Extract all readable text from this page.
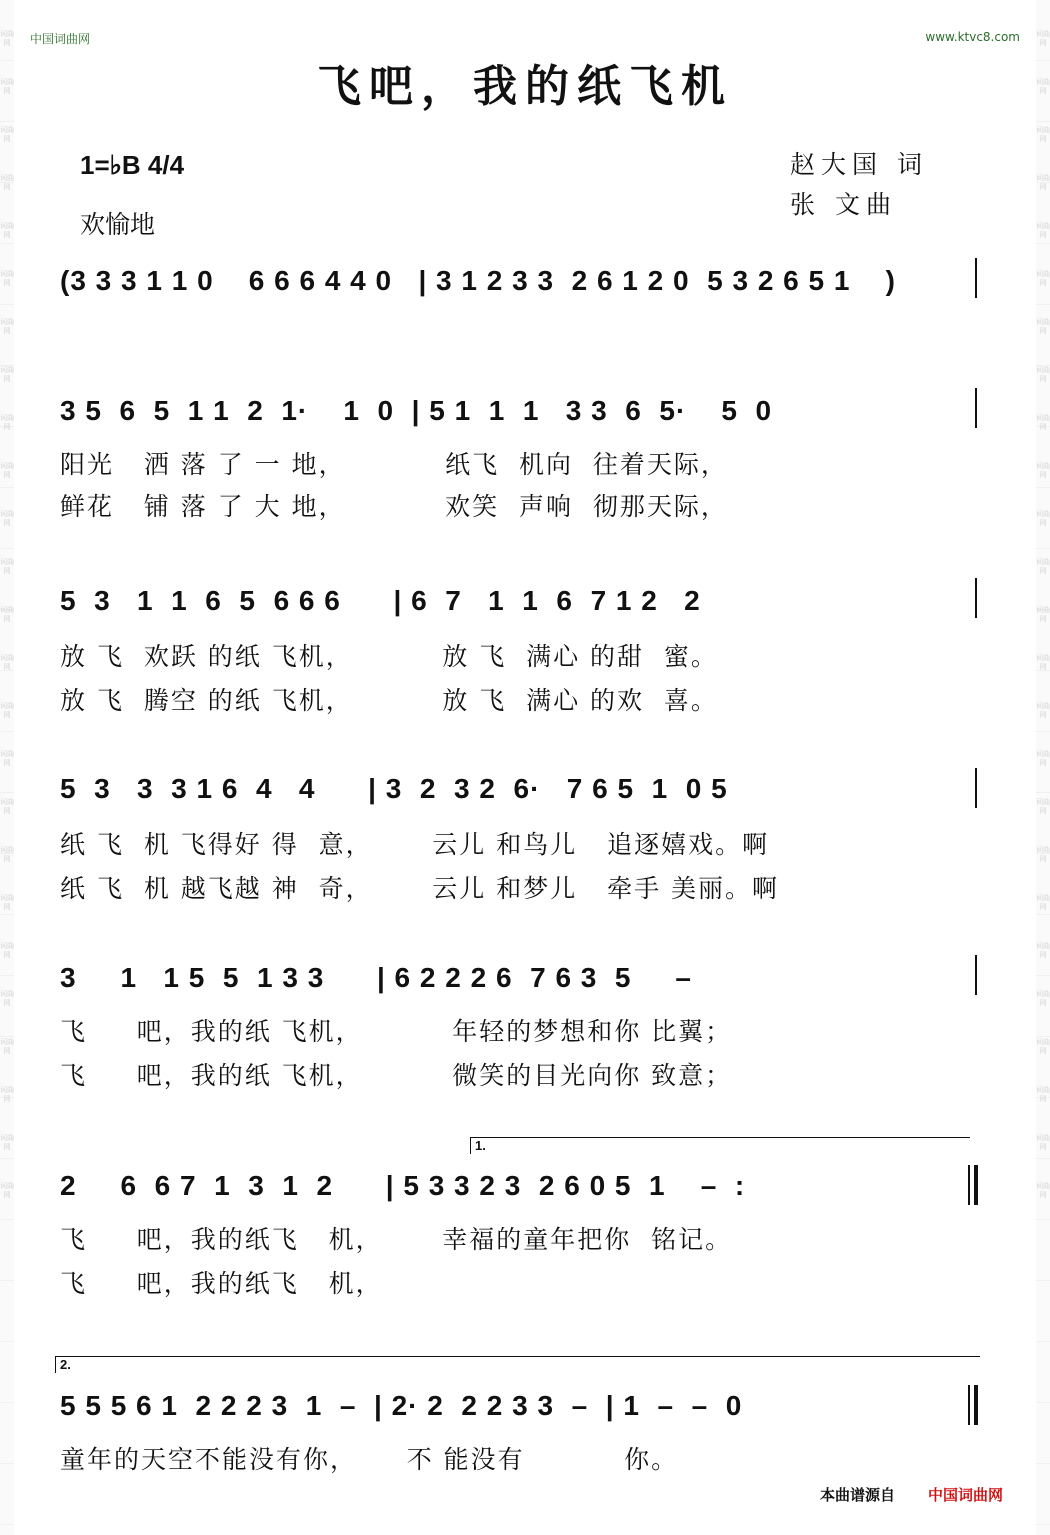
词曲网
词曲网
词曲网
词曲网
词曲网
词曲网
词曲网
词曲网
词曲网
词曲网
词曲网
词曲网
词曲网
词曲网
词曲网
词曲网
词曲网
词曲网
词曲网
词曲网
词曲网
词曲网
词曲网
词曲网
词曲网
词曲网
词曲网
词曲网
词曲网
词曲网
词曲网
词曲网
词曲网
词曲网
词曲网
词曲网
词曲网
词曲网
词曲网
词曲网
词曲网
词曲网
词曲网
词曲网
词曲网
词曲网
词曲网
词曲网
词曲网
词曲网
中国词曲网	www.ktvc8.com
飞吧，我的纸飞机
1=♭B 4/4
欢愉地
赵大国 词
张 文曲
(3 3 3 1 1 0    6 6 6 4 4 0   | 3 1 2 3 3  2 6 1 2 0  5 3 2 6 5 1    )
3 5  6  5  1 1  2  1·    1  0  | 5 1  1  1   3 3  6  5·    5  0
阳光   洒 落 了 一 地，          纸飞  机向  往着天际，
鲜花   铺 落 了 大 地，          欢笑  声响  彻那天际，
5  3   1  1  6  5  6 6 6      | 6  7   1  1  6  7 1 2   2
放 飞  欢跃 的纸 飞机，         放 飞  满心 的甜  蜜。
放 飞  腾空 的纸 飞机，         放 飞  满心 的欢  喜。
5  3   3  3 1 6  4   4      | 3  2  3 2  6·   7 6 5  1  0 5
纸 飞  机 飞得好 得  意，      云儿 和鸟儿   追逐嬉戏。啊
纸 飞  机 越飞越 神  奇，      云儿 和梦儿   牵手 美丽。啊
3     1   1 5  5  1 3 3      | 6 2 2 2 6  7 6 3  5     –
飞     吧，我的纸 飞机，         年轻的梦想和你 比翼；
飞     吧，我的纸 飞机，         微笑的目光向你 致意；
1.
2     6  6 7  1  3  1  2      | 5 3 3 2 3  2 6 0 5  1    –  :
飞     吧，我的纸飞   机，      幸福的童年把你  铭记。
飞     吧，我的纸飞   机，
2.
5 5 5 6 1  2 2 2 3  1  –  | 2· 2  2 2 3 3  –  | 1  –  –  0
童年的天空不能没有你，     不 能没有          你。
本曲谱源自 中国词曲网
